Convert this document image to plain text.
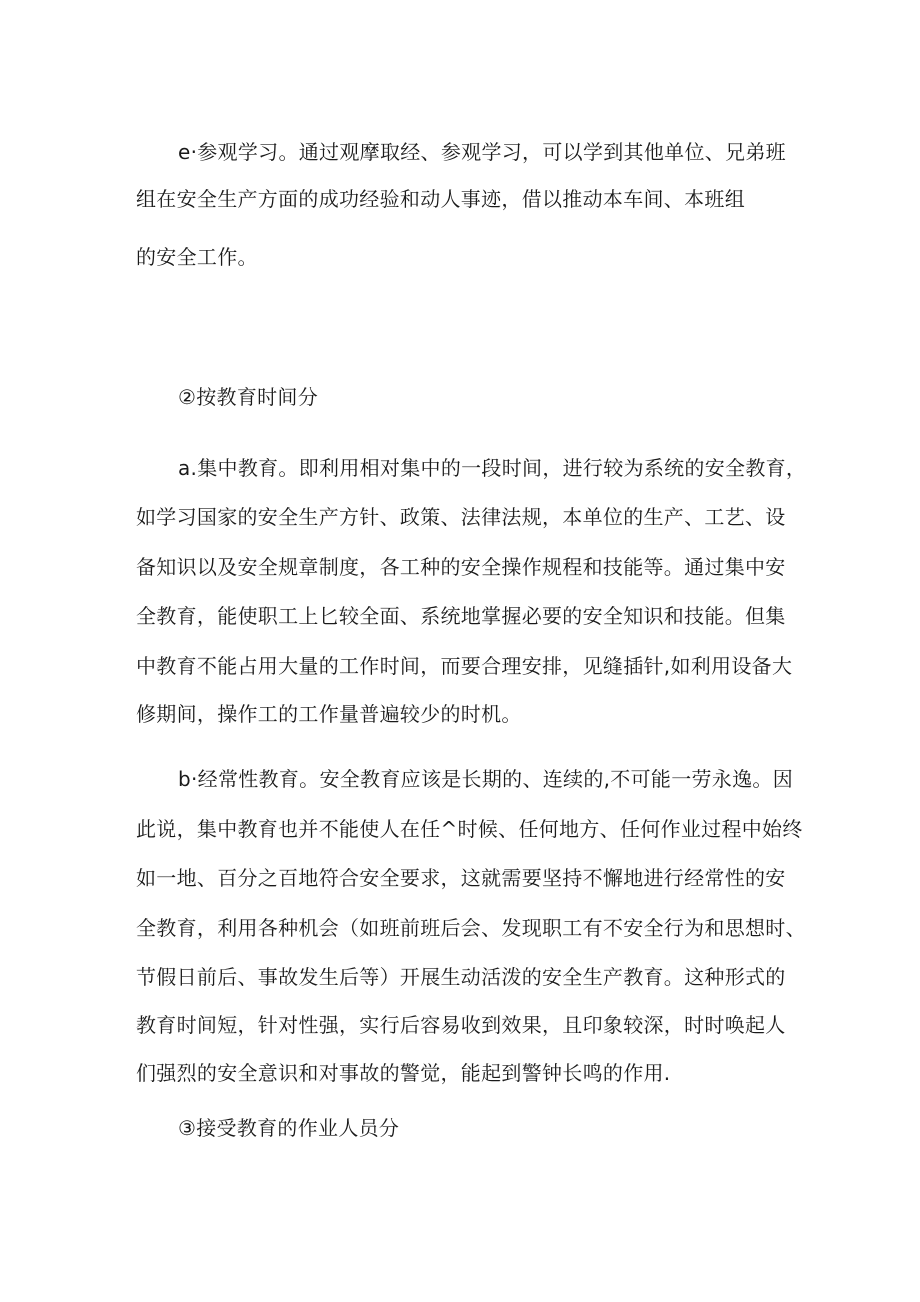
e·参观学习。通过观摩取经、参观学习，可以学到其他单位、兄弟班
组在安全生产方面的成功经验和动人事迹，借以推动本车间、本班组
的安全工作。
②按教育时间分
a.集中教育。即利用相对集中的一段时间，进行较为系统的安全教育，
如学习国家的安全生产方针、政策、法律法规，本单位的生产、工艺、设
备知识以及安全规章制度，各工种的安全操作规程和技能等。通过集中安
全教育，能使职工上匕较全面、系统地掌握必要的安全知识和技能。但集
中教育不能占用大量的工作时间，而要合理安排，见缝插针,如利用设备大
修期间，操作工的工作量普遍较少的时机。
b·经常性教育。安全教育应该是长期的、连续的,不可能一劳永逸。因
此说，集中教育也并不能使人在任^时候、任何地方、任何作业过程中始终
如一地、百分之百地符合安全要求，这就需要坚持不懈地进行经常性的安
全教育，利用各种机会（如班前班后会、发现职工有不安全行为和思想时、
节假日前后、事故发生后等）开展生动活泼的安全生产教育。这种形式的
教育时间短，针对性强，实行后容易收到效果，且印象较深，时时唤起人
们强烈的安全意识和对事故的警觉，能起到警钟长鸣的作用.
③接受教育的作业人员分
